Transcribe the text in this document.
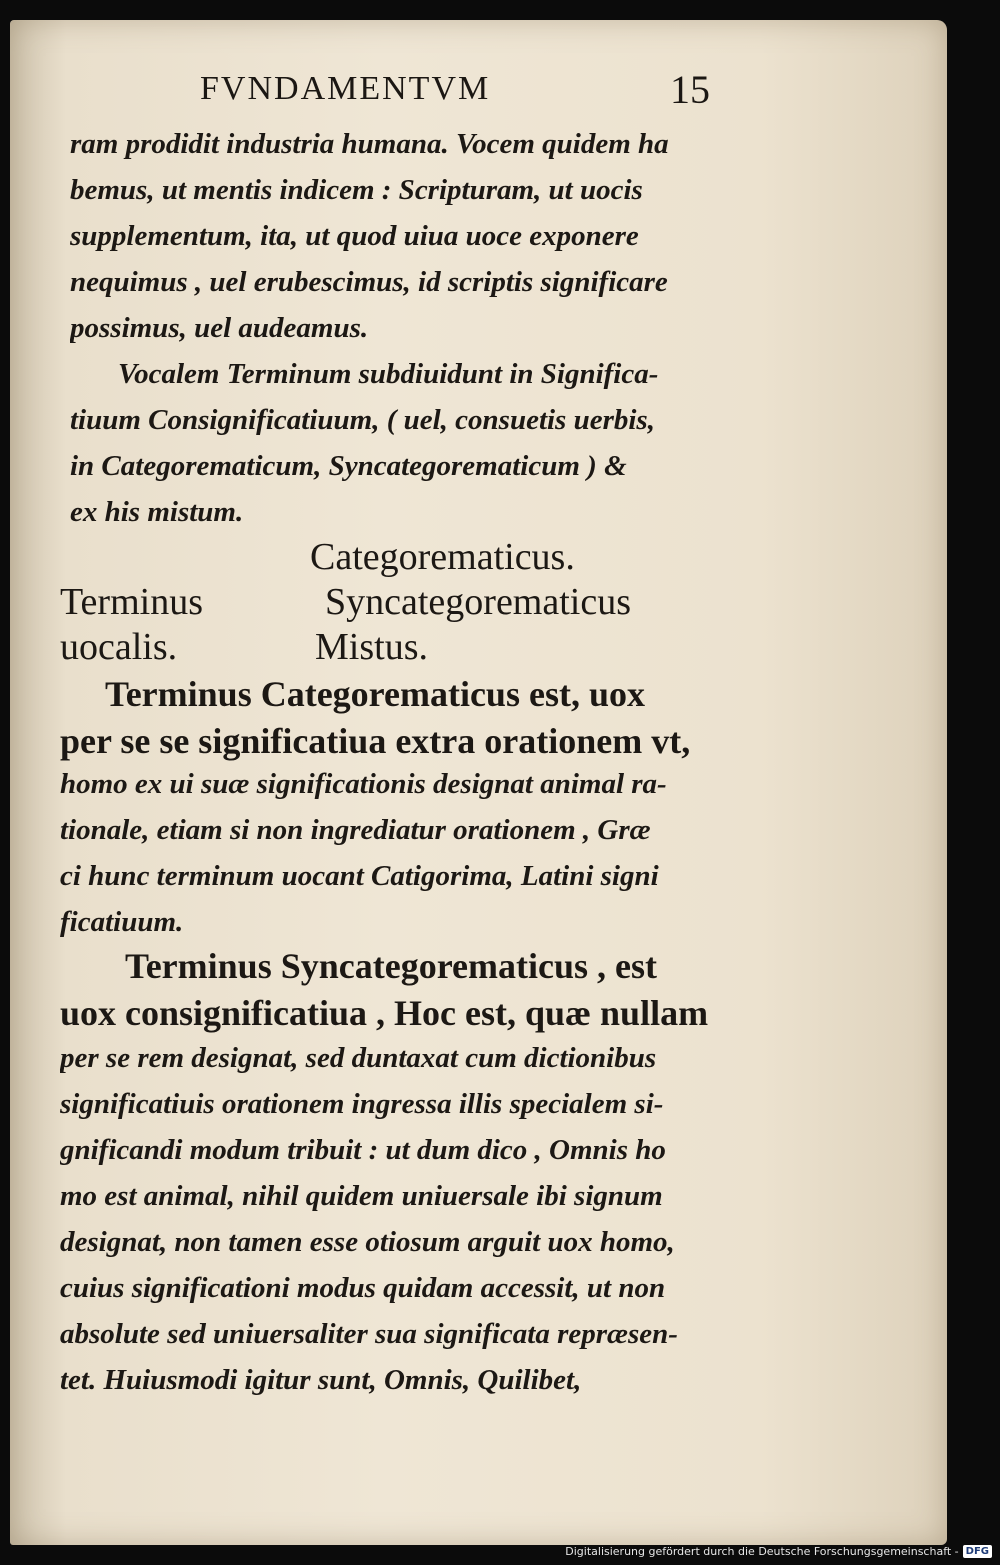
FVNDAMENTVM	15

ram prodidit industria humana. Vocem quidem ha

bemus, ut mentis indicem : Scripturam, ut uocis

supplementum, ita, ut quod uiua uoce exponere

nequimus , uel erubescimus, id scriptis significare

possimus, uel audeamus.

Vocalem Terminum subdiuidunt in Significa-

tiuum Consignificatiuum, ( uel, consuetis uerbis,

in Categorematicum, Syncategorematicum ) &

ex his mistum.

Categorematicus.
Terminus	Syncategorematicus
uocalis.	Mistus.

Terminus Categorematicus est, uox

per se se significatiua extra orationem vt,

homo ex ui suæ significationis designat animal ra-

tionale, etiam si non ingrediatur orationem , Græ

ci hunc terminum uocant Catigorima, Latini signi

ficatiuum.

Terminus Syncategorematicus , est

uox consignificatiua , Hoc est, quæ nullam

per se rem designat, sed duntaxat cum dictionibus

significatiuis orationem ingressa illis specialem si-

gnificandi modum tribuit : ut dum dico , Omnis ho

mo est animal, nihil quidem uniuersale ibi signum

designat, non tamen esse otiosum arguit uox homo,

cuius significationi modus quidam accessit, ut non

absolute sed uniuersaliter sua significata repræsen-

tet. Huiusmodi igitur sunt, Omnis, Quilibet,

Digitalisierung gefördert durch die Deutsche Forschungsgemeinschaft - DFG
